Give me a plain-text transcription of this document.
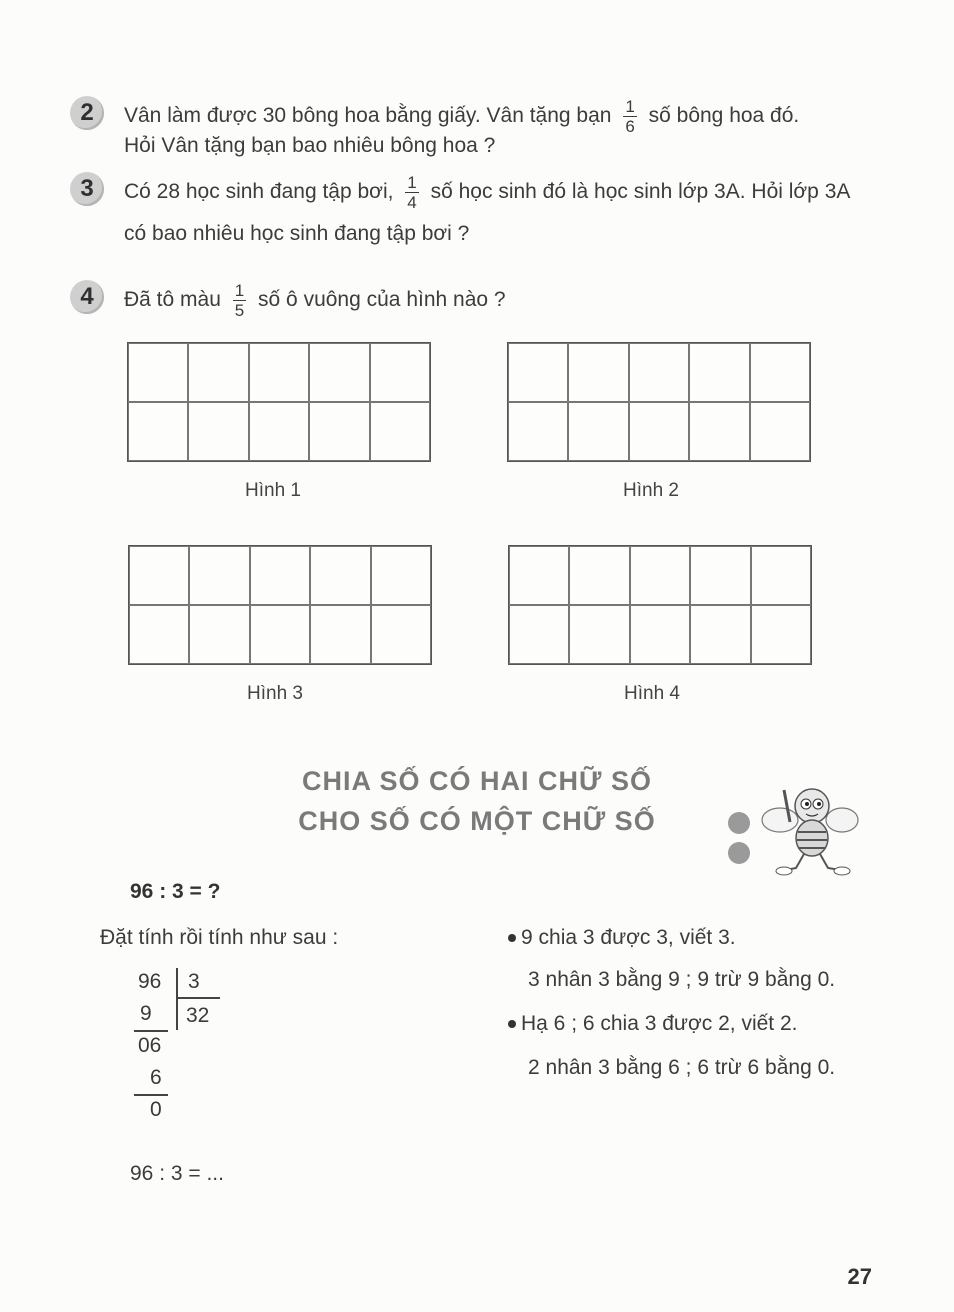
2	Vân làm được 30 bông hoa bằng giấy. Vân tặng bạn $\frac{1}{6}$ số bông hoa đó.
Hỏi Vân tặng bạn bao nhiêu bông hoa ?
3	Có 28 học sinh đang tập bơi, $\frac{1}{4}$ số học sinh đó là học sinh lớp 3A. Hỏi lớp 3A
có bao nhiêu học sinh đang tập bơi ?
4	Đã tô màu $\frac{1}{5}$ số ô vuông của hình nào ?
Hình 1	Hình 2
Hình 3	Hình 4
CHIA SỐ CÓ HAI CHỮ SỐ
CHO SỐ CÓ MỘT CHỮ SỐ
96 : 3 = ?
Đặt tính rồi tính như sau :
96 3
32
9
06
6
0
9 chia 3 được 3, viết 3.
3 nhân 3 bằng 9 ; 9 trừ 9 bằng 0.
Hạ 6 ; 6 chia 3 được 2, viết 2.
2 nhân 3 bằng 6 ; 6 trừ 6 bằng 0.
96 : 3 = ...
27
